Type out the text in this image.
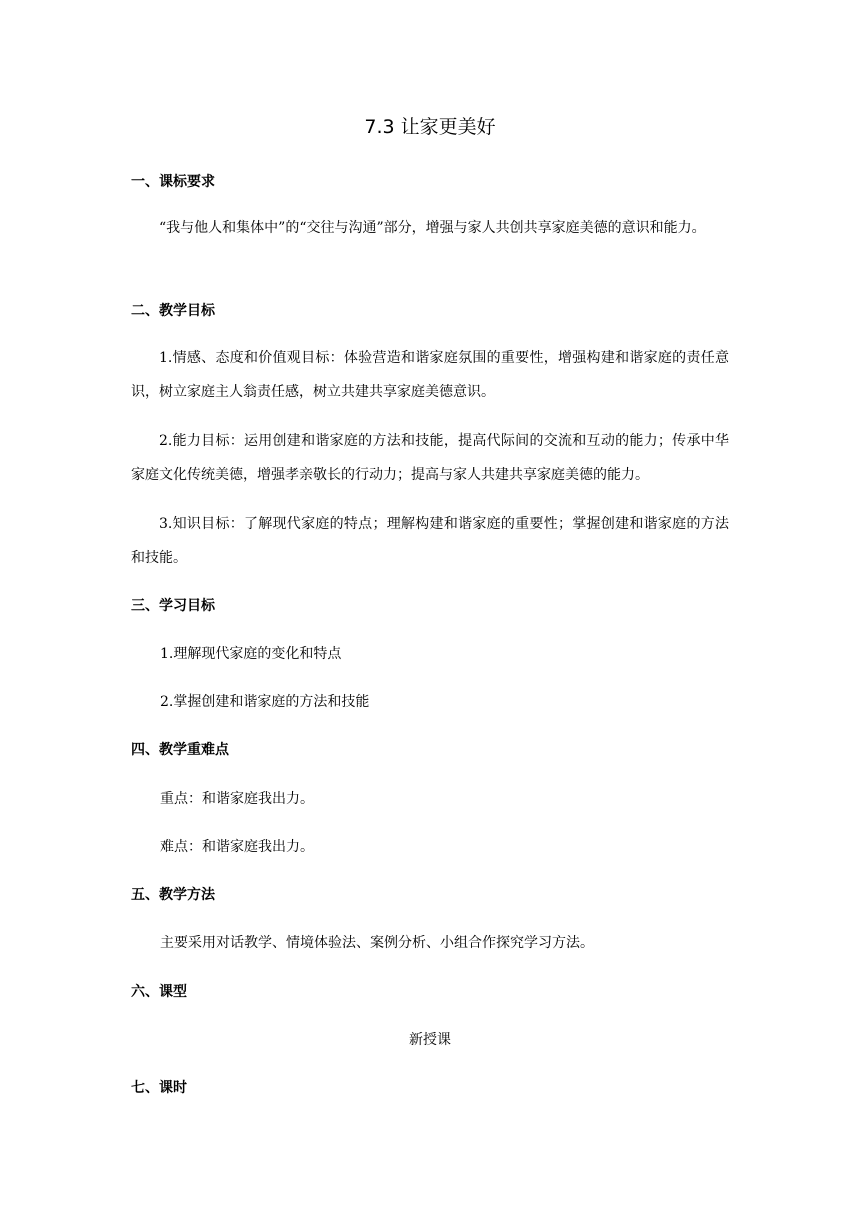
7.3 让家更美好
一、课标要求

“我与他人和集体中”的“交往与沟通”部分，增强与家人共创共享家庭美德的意识和能力。

二、教学目标

1.情感、态度和价值观目标：体验营造和谐家庭氛围的重要性，增强构建和谐家庭的责任意识，树立家庭主人翁责任感，树立共建共享家庭美德意识。

2.能力目标：运用创建和谐家庭的方法和技能，提高代际间的交流和互动的能力；传承中华家庭文化传统美德，增强孝亲敬长的行动力；提高与家人共建共享家庭美德的能力。

3.知识目标：了解现代家庭的特点；理解构建和谐家庭的重要性；掌握创建和谐家庭的方法和技能。

三、学习目标

1.理解现代家庭的变化和特点

2.掌握创建和谐家庭的方法和技能

四、教学重难点

重点：和谐家庭我出力。

难点：和谐家庭我出力。

五、教学方法

主要采用对话教学、情境体验法、案例分析、小组合作探究学习方法。

六、课型

新授课

七、课时
